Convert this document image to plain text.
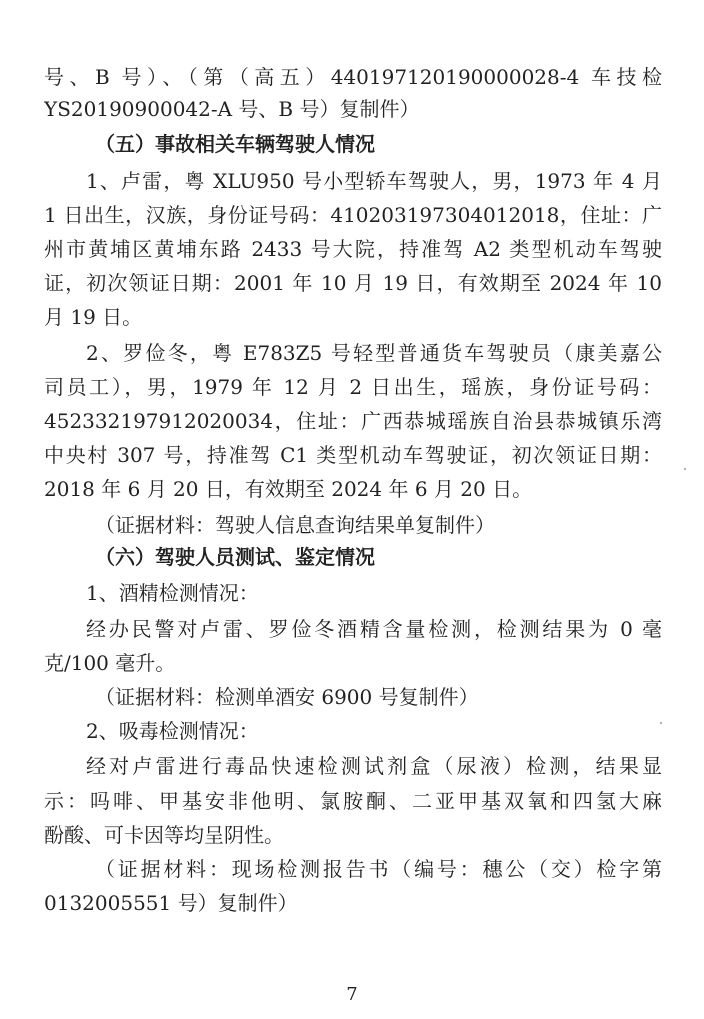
号、B 号）、（第（高五）440197120190000028-4 车技检
YS20190900042-A 号、B 号）复制件）
（五）事故相关车辆驾驶人情况
1、卢雷，粤 XLU950 号小型轿车驾驶人，男，1973 年 4 月
1 日出生，汉族，身份证号码：410203197304012018，住址：广
州市黄埔区黄埔东路 2433 号大院，持准驾 A2 类型机动车驾驶
证，初次领证日期：2001 年 10 月 19 日，有效期至 2024 年 10
月 19 日。
2、罗俭冬，粤 E783Z5 号轻型普通货车驾驶员（康美嘉公
司员工），男，1979 年 12 月 2 日出生，瑶族，身份证号码：
452332197912020034，住址：广西恭城瑶族自治县恭城镇乐湾
中央村 307 号，持准驾 C1 类型机动车驾驶证，初次领证日期：
2018 年 6 月 20 日，有效期至 2024 年 6 月 20 日。
（证据材料：驾驶人信息查询结果单复制件）
（六）驾驶人员测试、鉴定情况
1、酒精检测情况：
经办民警对卢雷、罗俭冬酒精含量检测，检测结果为 0 毫
克/100 毫升。
（证据材料：检测单酒安 6900 号复制件）
2、吸毒检测情况：
经对卢雷进行毒品快速检测试剂盒（尿液）检测，结果显
示：吗啡、甲基安非他明、氯胺酮、二亚甲基双氧和四氢大麻
酚酸、可卡因等均呈阴性。
（证据材料：现场检测报告书（编号：穗公（交）检字第
0132005551 号）复制件）
7
